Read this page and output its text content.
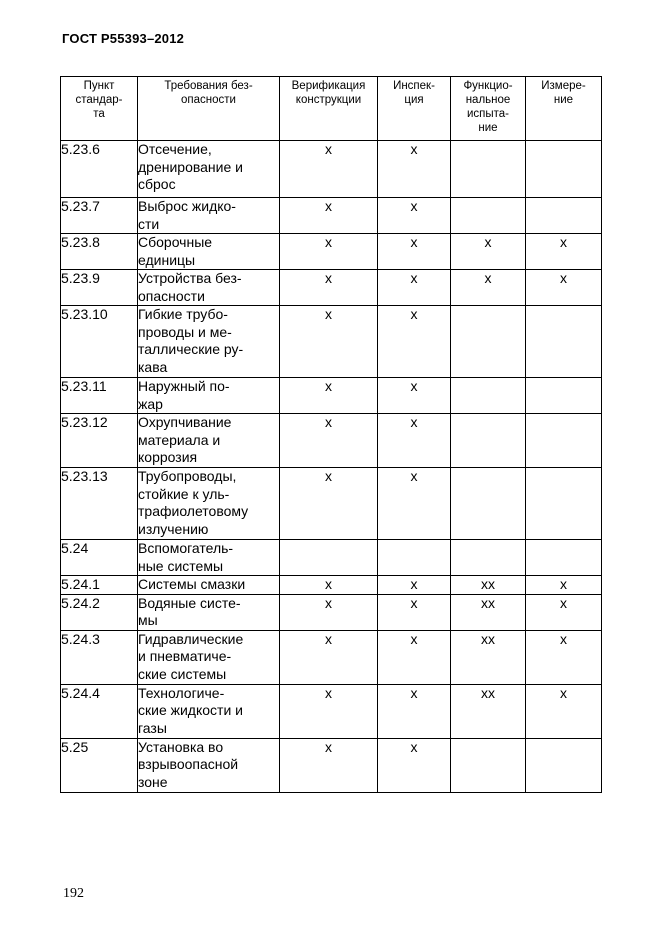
ГОСТ Р55393–2012
Пункт
стандар-
та	Требования без-
опасности	Верификация
конструкции	Инспек-
ция	Функцио-
нальное
испыта-
ние	Измере-
ние
5.23.6	Отсечение,
дренирование и
сброс	х	х		
5.23.7	Выброс жидко-
сти	х	х		
5.23.8	Сборочные
единицы	х	х	х	х
5.23.9	Устройства без-
опасности	х	х	х	х
5.23.10	Гибкие трубо-
проводы и ме-
таллические ру-
кава	х	х		
5.23.11	Наружный по-
жар	х	х		
5.23.12	Охрупчивание
материала и
коррозия	х	х		
5.23.13	Трубопроводы,
стойкие к уль-
трафиолетовому
излучению	х	х		
5.24	Вспомогатель-
ные системы				
5.24.1	Системы смазки	х	х	хх	х
5.24.2	Водяные систе-
мы	х	х	хх	х
5.24.3	Гидравлические
и пневматиче-
ские системы	х	х	хх	х
5.24.4	Технологиче-
ские жидкости и
газы	х	х	хх	х
5.25	Установка во
взрывоопасной
зоне	х	х		
192
